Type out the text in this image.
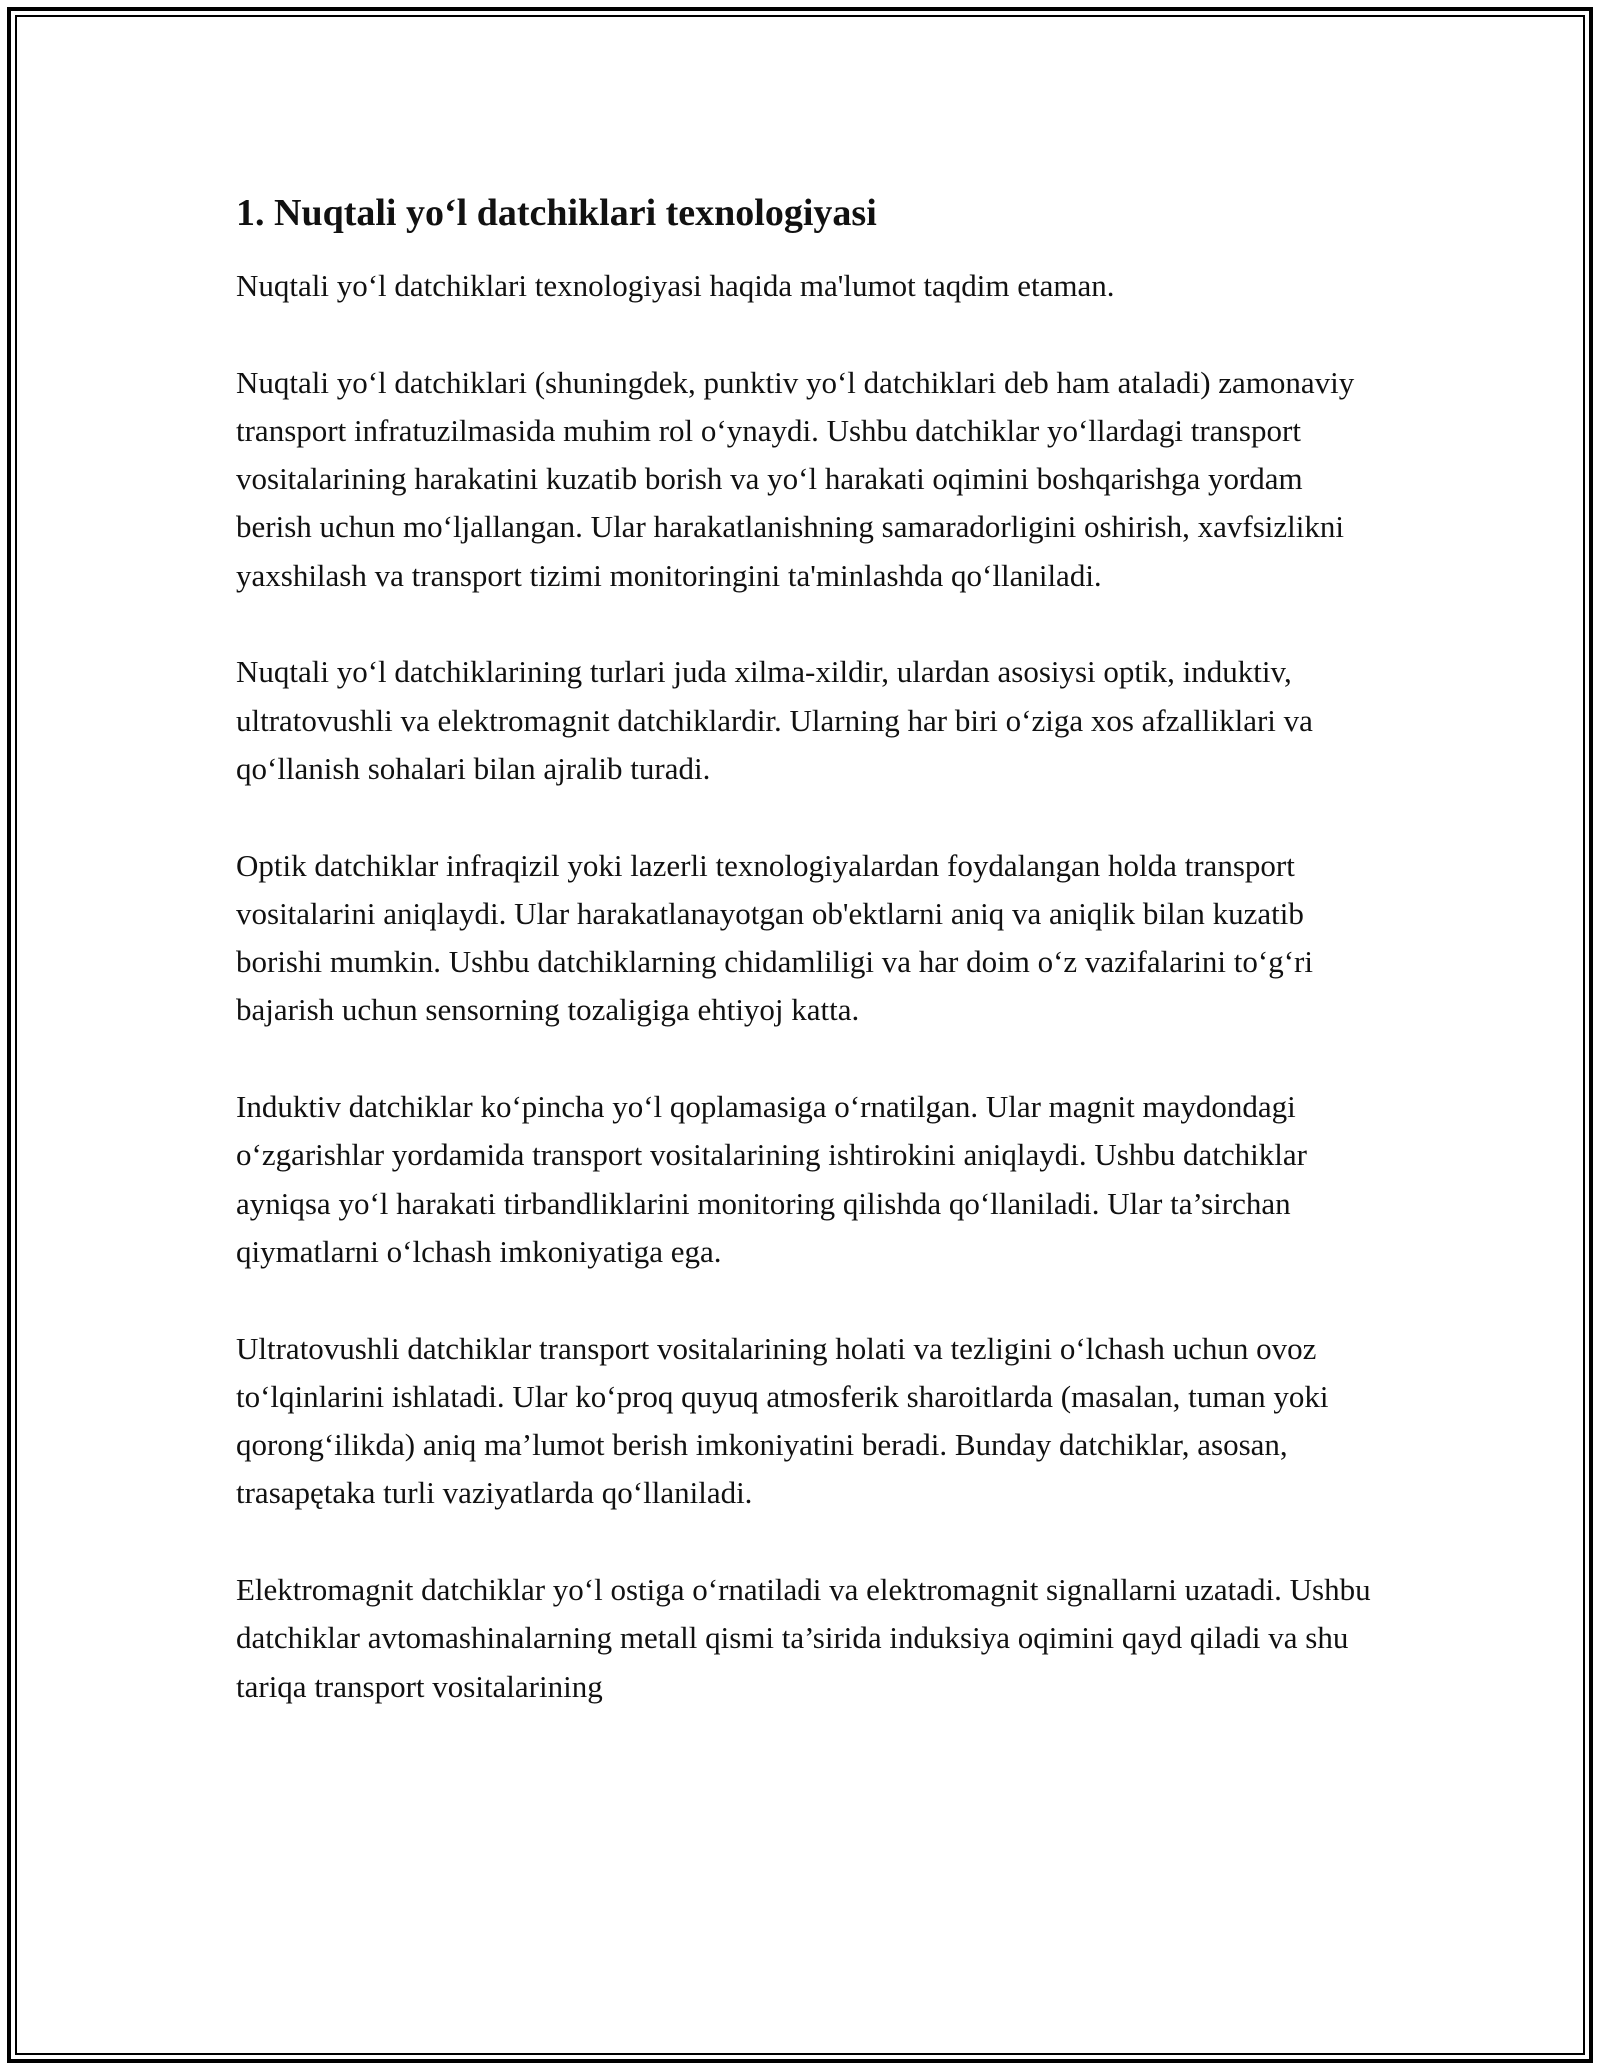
1. Nuqtali yo‘l datchiklari texnologiyasi

Nuqtali yo‘l datchiklari texnologiyasi haqida ma'lumot taqdim etaman.

Nuqtali yo‘l datchiklari (shuningdek, punktiv yo‘l datchiklari deb ham ataladi) zamonaviy transport infratuzilmasida muhim rol o‘ynaydi. Ushbu datchiklar yo‘llardagi transport vositalarining harakatini kuzatib borish va yo‘l harakati oqimini boshqarishga yordam berish uchun mo‘ljallangan. Ular harakatlanishning samaradorligini oshirish, xavfsizlikni yaxshilash va transport tizimi monitoringini ta'minlashda qo‘llaniladi.

Nuqtali yo‘l datchiklarining turlari juda xilma-xildir, ulardan asosiysi optik, induktiv, ultratovushli va elektromagnit datchiklardir. Ularning har biri o‘ziga xos afzalliklari va qo‘llanish sohalari bilan ajralib turadi.

Optik datchiklar infraqizil yoki lazerli texnologiyalardan foydalangan holda transport vositalarini aniqlaydi. Ular harakatlanayotgan ob'ektlarni aniq va aniqlik bilan kuzatib borishi mumkin. Ushbu datchiklarning chidamliligi va har doim o‘z vazifalarini to‘g‘ri bajarish uchun sensorning tozaligiga ehtiyoj katta.

Induktiv datchiklar ko‘pincha yo‘l qoplamasiga o‘rnatilgan. Ular magnit maydondagi o‘zgarishlar yordamida transport vositalarining ishtirokini aniqlaydi. Ushbu datchiklar ayniqsa yo‘l harakati tirbandliklarini monitoring qilishda qo‘llaniladi. Ular ta’sirchan qiymatlarni o‘lchash imkoniyatiga ega.

Ultratovushli datchiklar transport vositalarining holati va tezligini o‘lchash uchun ovoz to‘lqinlarini ishlatadi. Ular ko‘proq quyuq atmosferik sharoitlarda (masalan, tuman yoki qorong‘ilikda) aniq ma’lumot berish imkoniyatini beradi. Bunday datchiklar, asosan, trasapętaka turli vaziyatlarda qo‘llaniladi.

Elektromagnit datchiklar yo‘l ostiga o‘rnatiladi va elektromagnit signallarni uzatadi. Ushbu datchiklar avtomashinalarning metall qismi ta’sirida induksiya oqimini qayd qiladi va shu tariqa transport vositalarining
